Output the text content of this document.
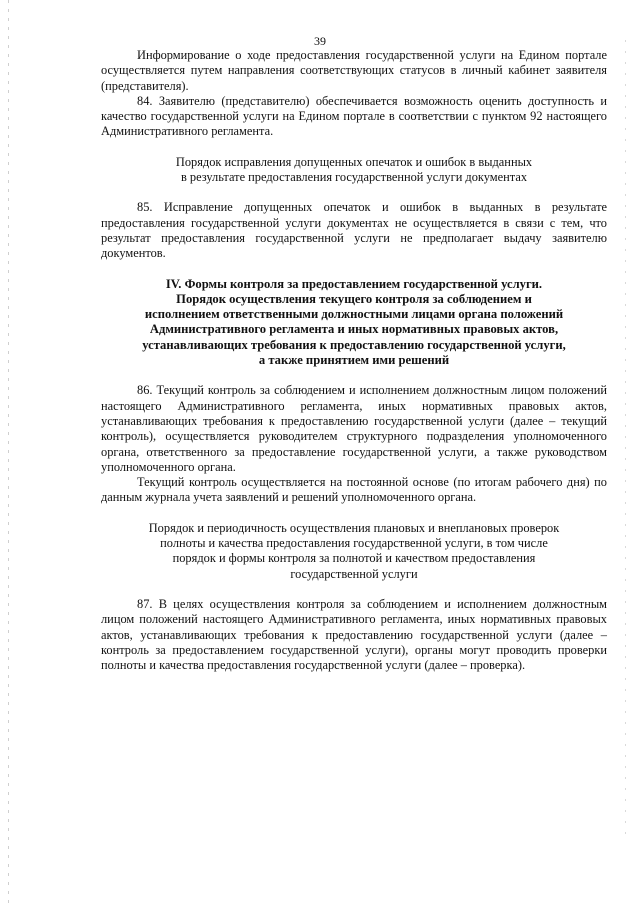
39

Информирование о ходе предоставления государственной услуги на Едином портале осуществляется путем направления соответствующих статусов в личный кабинет заявителя (представителя).

84. Заявителю (представителю) обеспечивается возможность оценить доступность и качество государственной услуги на Едином портале в соответствии с пунктом 92 настоящего Административного регламента.

Порядок исправления допущенных опечаток и ошибок в выданных
в результате предоставления государственной услуги документах

85. Исправление допущенных опечаток и ошибок в выданных в результате предоставления государственной услуги документах не осуществляется в связи с тем, что результат предоставления государственной услуги не предполагает выдачу заявителю документов.

IV. Формы контроля за предоставлением государственной услуги.
Порядок осуществления текущего контроля за соблюдением и
исполнением ответственными должностными лицами органа положений
Административного регламента и иных нормативных правовых актов,
устанавливающих требования к предоставлению государственной услуги,
а также принятием ими решений

86. Текущий контроль за соблюдением и исполнением должностным лицом положений настоящего Административного регламента, иных нормативных правовых актов, устанавливающих требования к предоставлению государственной услуги (далее – текущий контроль), осуществляется руководителем структурного подразделения уполномоченного органа, ответственного за предоставление государственной услуги, а также руководством уполномоченного органа.

Текущий контроль осуществляется на постоянной основе (по итогам рабочего дня) по данным журнала учета заявлений и решений уполномоченного органа.

Порядок и периодичность осуществления плановых и внеплановых проверок
полноты и качества предоставления государственной услуги, в том числе
порядок и формы контроля за полнотой и качеством предоставления
государственной услуги

87. В целях осуществления контроля за соблюдением и исполнением должностным лицом положений настоящего Административного регламента, иных нормативных правовых актов, устанавливающих требования к предоставлению государственной услуги (далее – контроль за предоставлением государственной услуги), органы могут проводить проверки полноты и качества предоставления государственной услуги (далее – проверка).
